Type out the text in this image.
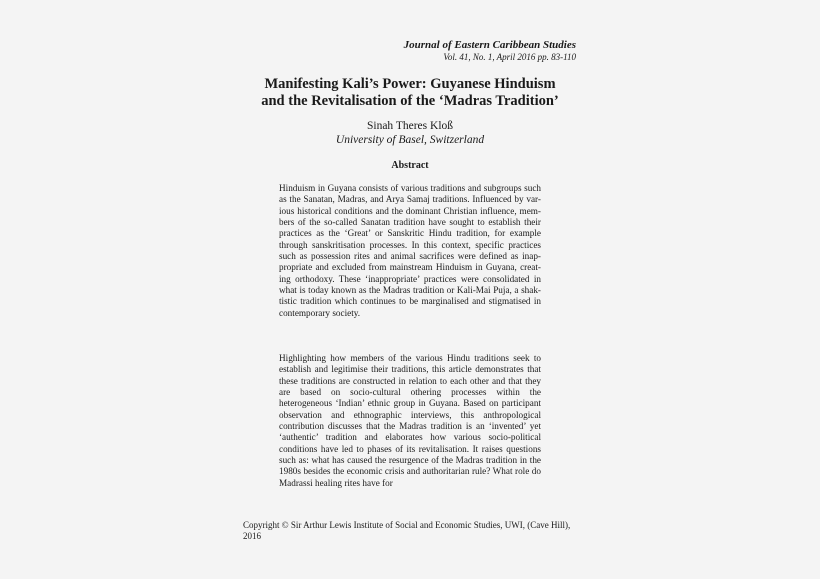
Journal of Eastern Caribbean Studies
Vol. 41, No. 1, April 2016 pp. 83-110
Manifesting Kali’s Power: Guyanese Hinduism
and the Revitalisation of the ‘Madras Tradition’
Sinah Theres Kloß
University of Basel, Switzerland
Abstract

Hinduism in Guyana consists of various traditions and subgroups such as the Sanatan, Madras, and Arya Samaj traditions. Influenced by var-ious historical conditions and the dominant Christian influence, mem-bers of the so-called Sanatan tradition have sought to establish their practices as the ‘Great’ or Sanskritic Hindu tradition, for example through sanskritisation processes. In this context, specific practices such as possession rites and animal sacrifices were defined as inap-propriate and excluded from mainstream Hinduism in Guyana, creat-ing orthodoxy. These ‘inappropriate’ practices were consolidated in what is today known as the Madras tradition or Kali-Mai Puja, a shak-tistic tradition which continues to be marginalised and stigmatised in contemporary society.

Highlighting how members of the various Hindu traditions seek to establish and legitimise their traditions, this article demonstrates that these traditions are constructed in relation to each other and that they are based on socio-cultural othering processes within the heterogeneous ‘Indian’ ethnic group in Guyana. Based on participant observation and ethnographic interviews, this anthropological contribution discusses that the Madras tradition is an ‘invented’ yet ‘authentic’ tradition and elaborates how various socio-political conditions have led to phases of its revitalisation. It raises questions such as: what has caused the resurgence of the Madras tradition in the 1980s besides the economic crisis and authoritarian rule? What role do Madrassi healing rites have for

Copyright © Sir Arthur Lewis Institute of Social and Economic Studies, UWI, (Cave Hill), 2016
